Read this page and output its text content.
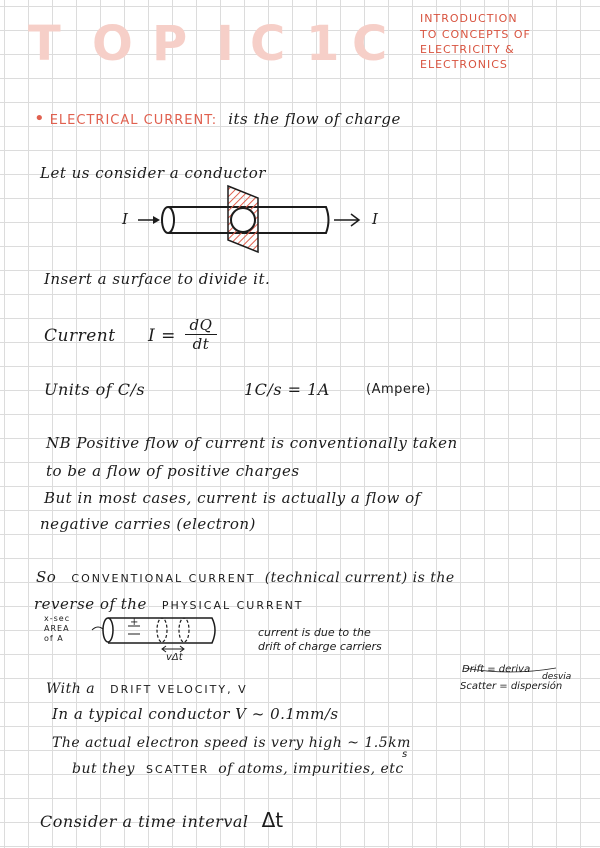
T O P I C 1 C	INTRODUCTION
TO CONCEPTS OF
ELECTRICITY &
ELECTRONICS
• ELECTRICAL CURRENT: its the flow of charge
Let us consider a conductor
I	I
Insert a surface to divide it.
Current $I = \frac{dQ}{dt}$
Units of C/s	1C/s = 1A	(Ampere)
NB Positive flow of current is conventionally taken
to be a flow of positive charges
But in most cases, current is actually a flow of
negative carries (electron)
So CONVENTIONAL CURRENT (technical current) is the
reverse of the PHYSICAL CURRENT
x-sec
AREA
of A
+
vΔt
current is due to the
drift of charge carriers
Drift = deriva
desvia
Scatter = dispersión
With a DRIFT VELOCITY, V
In a typical conductor V ~ 0.1mm/s
The actual electron speed is very high ~ 1.5km $_s$
but they SCATTER of atoms, impurities, etc
Consider a time interval Δt
